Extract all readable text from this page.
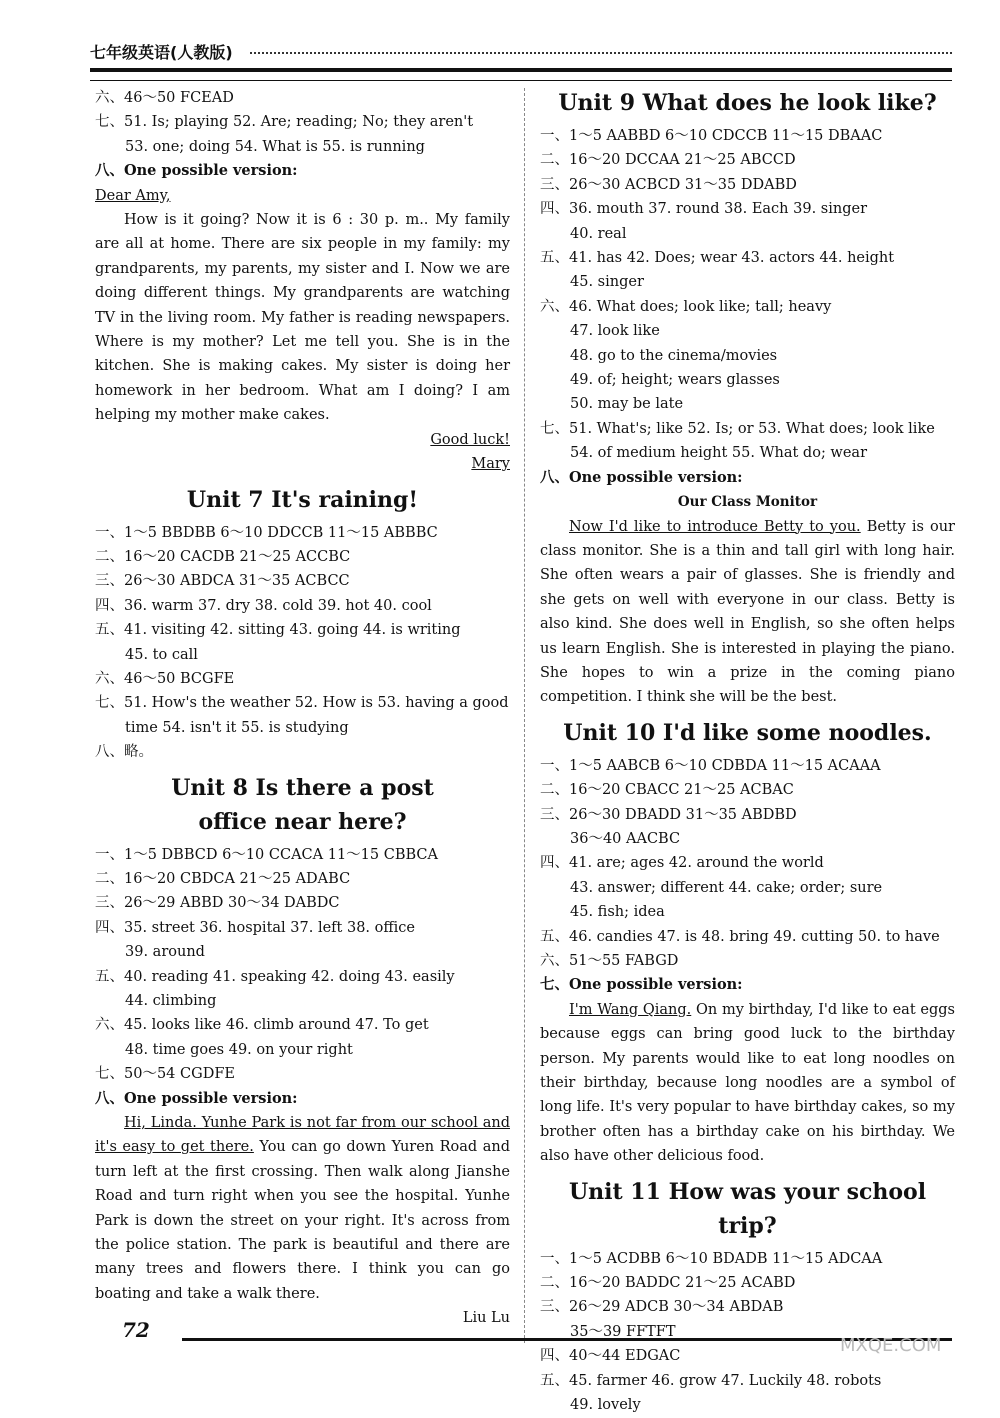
七年级英语(人教版)
六、46～50 FCEAD
七、51. Is; playing 52. Are; reading; No; they aren't
53. one; doing 54. What is 55. is running
八、One possible version:
Dear Amy,
How is it going? Now it is 6 : 30 p. m.. My family are all at home. There are six people in my family: my grandparents, my parents, my sister and I. Now we are doing different things. My grandparents are watching TV in the living room. My father is reading newspapers. Where is my mother? Let me tell you. She is in the kitchen. She is making cakes. My sister is doing her homework in her bedroom. What am I doing? I am helping my mother make cakes.
Good luck!
Mary
Unit 7 It's raining!
一、1～5 BBDBB 6～10 DDCCB 11～15 ABBBC
二、16～20 CACDB 21～25 ACCBC
三、26～30 ABDCA 31～35 ACBCC
四、36. warm 37. dry 38. cold 39. hot 40. cool
五、41. visiting 42. sitting 43. going 44. is writing
45. to call
六、46～50 BCGFE
七、51. How's the weather 52. How is 53. having a good
time 54. isn't it 55. is studying
八、略。
Unit 8 Is there a post
office near here?
一、1～5 DBBCD 6～10 CCACA 11～15 CBBCA
二、16～20 CBDCA 21～25 ADABC
三、26～29 ABBD 30～34 DABDC
四、35. street 36. hospital 37. left 38. office
39. around
五、40. reading 41. speaking 42. doing 43. easily
44. climbing
六、45. looks like 46. climb around 47. To get
48. time goes 49. on your right
七、50～54 CGDFE
八、One possible version:
Hi, Linda. Yunhe Park is not far from our school and it's easy to get there. You can go down Yuren Road and turn left at the first crossing. Then walk along Jianshe Road and turn right when you see the hospital. Yunhe Park is down the street on your right. It's across from the police station. The park is beautiful and there are many trees and flowers there. I think you can go boating and take a walk there.
Liu Lu
Unit 9 What does he look like?
一、1～5 AABBD 6～10 CDCCB 11～15 DBAAC
二、16～20 DCCAA 21～25 ABCCD
三、26～30 ACBCD 31～35 DDABD
四、36. mouth 37. round 38. Each 39. singer
40. real
五、41. has 42. Does; wear 43. actors 44. height
45. singer
六、46. What does; look like; tall; heavy
47. look like
48. go to the cinema/movies
49. of; height; wears glasses
50. may be late
七、51. What's; like 52. Is; or 53. What does; look like
54. of medium height 55. What do; wear
八、One possible version:
Our Class Monitor
Now I'd like to introduce Betty to you. Betty is our class monitor. She is a thin and tall girl with long hair. She often wears a pair of glasses. She is friendly and she gets on well with everyone in our class. Betty is also kind. She does well in English, so she often helps us learn English. She is interested in playing the piano. She hopes to win a prize in the coming piano competition. I think she will be the best.
Unit 10 I'd like some noodles.
一、1～5 AABCB 6～10 CDBDA 11～15 ACAAA
二、16～20 CBACC 21～25 ACBAC
三、26～30 DBADD 31～35 ABDBD
36～40 AACBC
四、41. are; ages 42. around the world
43. answer; different 44. cake; order; sure
45. fish; idea
五、46. candies 47. is 48. bring 49. cutting 50. to have
六、51～55 FABGD
七、One possible version:
I'm Wang Qiang. On my birthday, I'd like to eat eggs because eggs can bring good luck to the birthday person. My parents would like to eat long noodles on their birthday, because long noodles are a symbol of long life. It's very popular to have birthday cakes, so my brother often has a birthday cake on his birthday. We also have other delicious food.
Unit 11 How was your school trip?
一、1～5 ACDBB 6～10 BDADB 11～15 ADCAA
二、16～20 BADDC 21～25 ACABD
三、26～29 ADCB 30～34 ABDAB
35～39 FFTFT
四、40～44 EDGAC
五、45. farmer 46. grow 47. Luckily 48. robots
49. lovely
72
MXQE.COM
